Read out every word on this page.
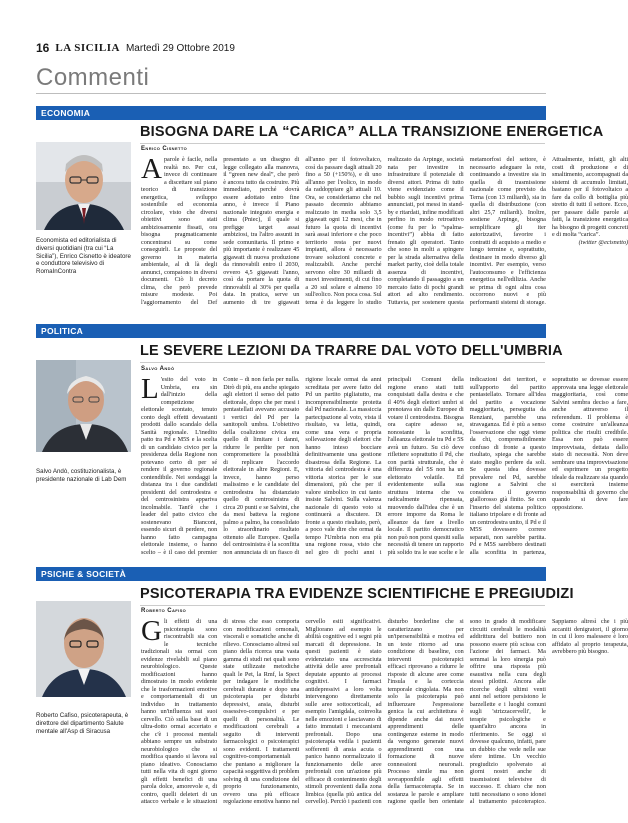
16 LA SICILIA Martedì 29 Ottobre 2019
Commenti
ECONOMIA
BISOGNA DARE LA “CARICA” ALLA TRANSIZIONE ENERGETICA
Economista ed editorialista di diversi quotidiani (tra cui “La Sicilia”), Enrico Cisnetto è ideatore e conduttore televisivo di RomaInContra
Enrico Cisnetto
Aparole è facile, nella realtà no. Per cui, invece di continuare a discettare sul piano teorico di transizione energetica, sviluppo sostenibile ed economia circolare, visto che diversi obiettivi sono stati ambiziosamente fissati, ora bisogna pragmaticamente concentrarsi su come conseguirli. Le proposte del governo in materia ambientale, al di là degli annunci, compaiono in diversi documenti. Ciò li decreto clima, che però prevede misure modeste. Poi l'aggiornamento del Def presentato a un disegno di legge collegato alla manovra, il “green new deal”, che però è ancora tutto da costruire. Più immediato, perché dovrà essere adottato entro fine anno, è invece il Piano nazionale integrato energia e clima (Pniec), il quale si prefigge target assai ambiziosi, tra l'altro assunti in sede comunitaria. Il primo e più importante è realizzare 45 gigawatt di nuova produzione da rinnovabili entro il 2030, ovvero 4,5 gigawatt l'anno, così da portare la quota di rinnovabili al 30% per quella data. In pratica, serve un aumento di tre gigawatt all'anno per il fotovoltaico, così da passare dagli attuali 20 fino a 50 (+150%), e di uno all'anno per l'eolico, in modo da raddoppiare gli attuali 10. Ora, se consideriamo che nel passato decennio abbiamo realizzato in media solo 3,5 gigawatt ogni 12 mesi, che in futuro la quota di incentivi sarà assai inferiore e che poco territorio resta per nuovi impianti, allora è necessario trovare soluzioni concrete e realizzabili. Anche perché servono oltre 30 miliardi di nuovi investimenti, di cui fino a 20 sul solare e almeno 10 sull'eolico. Non poca cosa. Sul tema è da leggere lo studio realizzato da Arpinge, società nata per investire in infrastrutture il potenziale di diversi attori. Prima di tutto viene evidenziato come il bubbio sugli incentivi prima annunciati, poi messi in stand-by e ritardati, infine modificati perfino in modo retroattivo (come fu per lo “spalma-incentivi”) abbia di fatto frenato gli operatori. Tanto che sono in molti a spingere per la strada alternativa della market parity, cioè della totale assenza di incentivi, completando il passaggio a un mercato fatto di pochi grandi attori ad alto rendimento. Tuttavia, per sostenere questa metamorfosi del settore, è necessario adeguare la rete, continuando a investire sia in quella di trasmissione nazionale come previsto da Terna (con 13 miliardi), sia in quella di distribuzione (con altri 25,7 miliardi). Inoltre, sostiene Arpinge, bisogna semplificare gli iter autorizzativi, favorire i contratti di acquisto a medio e lungo termine e, soprattutto, destinare in modo diverso gli incentivi. Per esempio, verso l'autoconsumo e l'efficienza energetica nell'edilizia. Anche se prima di ogni altra cosa occorrono nuovi e più performanti sistemi di storage. Attualmente, infatti, gli alti costi di produzione e di smaltimento, accompagnati da sistemi di accumulo limitati, bastano per il fotovoltaico a fare da collo di bottiglia più stretto di tutti il settore. Ecco, per passare dalle parole ai fatti, la transizione energetica ha bisogno di progetti concreti e di molta “carica”.

(twitter @ecisnetto)

POLITICA
LE SEVERE LEZIONI DA TRARRE DAL VOTO DELL'UMBRIA
Salvo Andò, costituzionalista, è presidente nazionale di Lab Dem
Salvo Andò
L 'esito del voto in Umbria, era sin dall'inizio della competizione elettorale scontato, tenuto conto degli effetti devastanti prodotti dallo scandalo della Sanità regionale. L'inedito patto tra Pd e M5S e la scelta di un candidato civico per la presidenza della Regione non potevano certo di per sé rendere il governo regionale contendibile. Nei sondaggi la distanza tra i due candidati presidenti del centrodestra e del centrosinistra appariva incolmabile. Tant'è che i leader del patto civico che sostenevano Bianconi, essendo sicuri di perdere, non hanno fatto campagna elettorale insieme, o hanno scelto – è il caso del premier Conte – di non farla per nulla. Dirò di più, era anche spiegato agli elettori il senso del patto elettorale, dopo che per mesi i pentastellati avevano accusato i vertici del Pd per la sanitopoli umbra. L'obiettivo della coalizione civica era quello di limitare i danni, ridurre le perdite per non compromettere la possibilità di replicare l'accordo elettorale in altre Regioni. E, invece, hanno perso malissimo e le candidate del centrodestra ha distanziato quello di centrosinistra di circa 20 punti e se Salvini, che da mesi batteva la regione palmo a palmo, ha consolidato lo straordinario risultato ottenuto alle Europee. Quella del centrosinistra è la sconfitta non annunciata di un fiasco di rigione locale ormai da anni screditata per avere fatto del Pd un partito pigliatutto, ma incomprensibilmente protetta dal Pd nazionale. La massiccia partecipazione al voto, vista il risultato, va letta, quindi, come una vera e propria sollevazione degli elettori che hanno inteso bocciare definitivamente una gestione disastrosa della Regione. La vittoria del centrodestra è una vittoria storica per le sue dimensioni, più che per il valore simbolico in cui tanto insiste Salvini. Sulla valenza nazionale di questo voto si continuerà a discutere. Di fronte a questo risultato, però, a poco vale dire che ormai da tempo l'Umbria non era più una regione rossa, visto che nel giro di pochi anni i principali Comuni della regione erano stati tutti conquistati dalla destra e che il 40% degli elettori umbri si prenotava sin dalle Europee di votare il centrodestra. Bisogna ora capire adesso se, nonostante la sconfitta, l'alleanza elettorale tra Pd e 5S avrà un futuro. Su ciò deve riflettere soprattutto il Pd, che con parità strutturale, che è differenza del 5S non ha un elettorato volatile. Ed evidentemente sulla sua struttura interna che va radicalmente ripensata, muovendo dall'idea che è un errore imporre da Roma le alleanze da fare a livello locale. Il partito democratico non può non porsi quesiti sulla necessità di tenere un rapporto più solido tra le sue scelte e le indicazioni dei territori, e sull'apporto del partito pentastellato. Tornare all'idea del partito a vocazione maggioritaria, perseguita da Renziani, parrebbe una stravaganza. Ed è più a senso l'osservazione che oggi viene da chi, comprensibilmente confuso di fronte a questo risultato, spiega che sarebbe stato meglio perdere da soli. Se questa idea dovesse prevalere nel Pd, sarebbe ragione a Salvini che considera il governo giallorosso già finito. Se con l'inserto del sistema politico italiano tripolare e di fronte ad un centrodestra unito, il Pd e il M5S dovessero correre separati, non sarebbe partita. Pd e M5S sarebbero destinati alla sconfitta in partenza, soprattutto se dovesse essere approvata una legge elettorale maggioritaria, così come Salvini sembra deciso a fare, anche attraverso il referendum. Il problema è come costruire un'alleanza politica che risulti credibile. Essa non può essere improvvisata, dettata dallo stato di necessità. Non deve sembrare una improvvisazione ed esprimere un progetto ideale da realizzare sia quando si eserciterà insieme responsabilità di governo che quando si deve fare opposizione.
PSICHE & SOCIETÀ
PSICOTERAPIA TRA EVIDENZE SCIENTIFICHE E PREGIUDIZI
Roberto Cafiso, psicoterapeuta, è direttore del dipartimento Salute mentale all'Asp di Siracusa
Roberto Cafiso
Gli effetti di una psicoterapia sono riscontrabili sia con le tecniche tradizionali sia ormai con evidenze rivelabili sul piano neurobiologico. Queste modificazioni hanno dimostrato in modo evidente che le trasformazioni emotive e comportamentali di un individuo in trattamento hanno un'influenza sui suoi cervello. Ciò sulla base di un ultra-dotto ormai accertato e che c'è i processi mentali abbiano sempre un substrato neurobiologico che si modifica quando si lavora sul piano ideativo. Conosciamo tutti nella vita di ogni giorno gli effetti benefici di una parola dolce, amorevole e, di contro, quelli deleteri di un attacco verbale e le situazioni di stress che esso comporta con modificazioni ormonali, viscerali e somatiche anche di rilievo. Conosciamo altresì sul piano della ricerca una vasta gamma di studi nei quali sono state utilizzate metodiche quali le Pet, la Rmf, la Spect per indagare le modifiche cerebrali durante e dopo una psicoterapia per disturbi depressivi, ansia, disturbi ossessivo-compulsivi e per quelli di personalità. Le modificazioni cerebrali a seguito di interventi farmacologici o psicoterapici sono evidenti. I trattamenti cognitivo-comportamentali che puntano a migliorare la capacità soggettiva di problem solving di una condizione del proprio funzionamento, ovvero una più efficace regolazione emotiva hanno nel cervello esiti significativi. Migliorano ad esempio le abilità cognitive ed i segni più marcati di depressione. In questi pazienti è stato evidenziato una accresciuta attività delle aree prefrontali deputate appunto ai processi cognitivi. I farmaci antidepressivi a loro volta intervengono direttamente sulle aree sottocorticali, ad esempio l'amigdala, coinvolta nelle emozioni e lasciavano di fatto immutati i meccanismi prefrontali. Dopo una psicoterapia vedila i pazienti sofferenti di ansia acuta o panico hanno normalizzato il funzionamento delle aree prefrontali con un'azione più efficace di contenimento degli stimoli provenienti dalla zona limbica (quella più antica del cervello). Perciò i pazienti con disturbo borderline che si caratterizzano per un'ipersensibilità e motiva ed un teste ritorno ad una condizione di baseline, con interventi psicoterapici efficaci riprovano a ridurre le risposte di alcune aree come l'insula e la corteccia temporale cingolata. Ma non solo la psicoterapia può influenzare l'espressione genica la cui architettura è dipende anche dai nuovi apprendimenti delle contingenze esterne in modo da vengono generate nuovi apprendimenti con una formazione di nuove connessioni neuronali. Processo simile ma non sovrapponibile agli effetti della farmacoterapia. Se in sostanza le parole e ampliare ragione quelle ben orientate sono in grado di modificare circuiti cerebrali le modalità addirittura del buttiero non possono essere più scissa con l'azione dei farmaci. Ma semmai la loro sinergia può offrire una risposta più esaustiva nella cura degli stessi pilotini. Ancora alle ricerche degli ultimi venti anni nel settore persistono le barzellette e i luoghi comuni sugli 'strizzacervelli', le terapie psicologiche e quant'altro ancora in riferimento. Se oggi si dovesse qualcuno, infatti, pare un dubbio che vede nelle sue sfere intime. Un vecchio pregiudizio spolverato ai giorni nostri anche di trasmissioni televisive di successo. E chiaro che non tutti necessitano o sono idonei al trattamento psicoterapico. Sappiamo altresì che i più accaniti denigratori, il giorno in cui il loro malessere è loro affidato al proprio terapeuta, avrebbero più bisogno.
